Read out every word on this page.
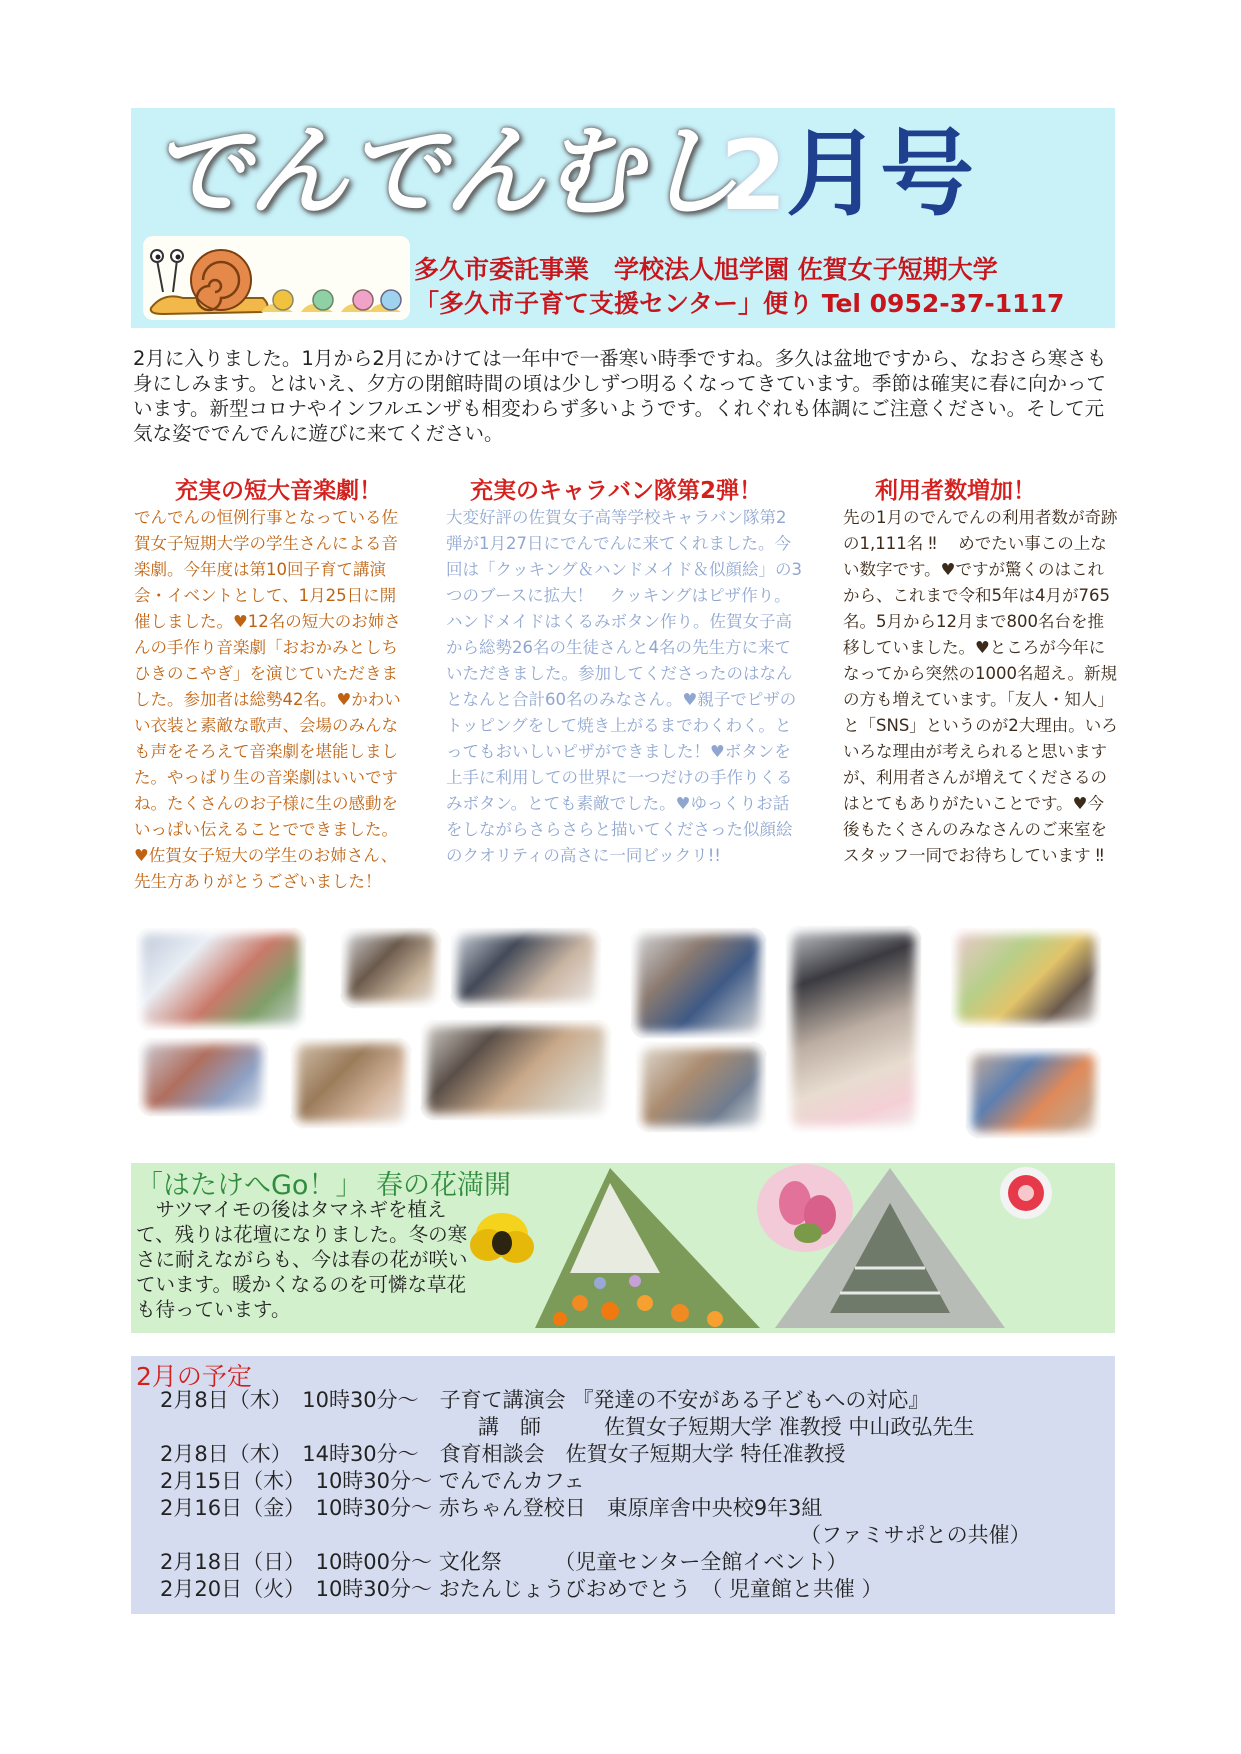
でんでんむし
2 月号
多久市委託事業　学校法人旭学園 佐賀女子短期大学
「多久市子育て支援センター」便り Tel 0952-37-1117
2月に入りました。1月から2月にかけては一年中で一番寒い時季ですね。多久は盆地ですから、なおさら寒さも身にしみます。とはいえ、夕方の閉館時間の頃は少しずつ明るくなってきています。季節は確実に春に向かっています。新型コロナやインフルエンザも相変わらず多いようです。くれぐれも体調にご注意ください。そして元気な姿ででんでんに遊びに来てください。
充実の短大音楽劇！
でんでんの恒例行事となっている佐賀女子短期大学の学生さんによる音楽劇。今年度は第10回子育て講演会・イベントとして、1月25日に開催しました。♥12名の短大のお姉さんの手作り音楽劇「おおかみとしちひきのこやぎ」を演じていただきました。参加者は総勢42名。♥かわいい衣装と素敵な歌声、会場のみんなも声をそろえて音楽劇を堪能しました。やっぱり生の音楽劇はいいですね。たくさんのお子様に生の感動をいっぱい伝えることでできました。♥佐賀女子短大の学生のお姉さん、先生方ありがとうございました！
充実のキャラバン隊第2弾！
大変好評の佐賀女子高等学校キャラバン隊第2弾が1月27日にでんでんに来てくれました。今回は「クッキング＆ハンドメイド＆似顔絵」の3つのブースに拡大！　クッキングはピザ作り。ハンドメイドはくるみボタン作り。佐賀女子高から総勢26名の生徒さんと4名の先生方に来ていただきました。参加してくださったのはなんとなんと合計60名のみなさん。♥親子でピザのトッピングをして焼き上がるまでわくわく。とってもおいしいピザができました！♥ボタンを上手に利用しての世界に一つだけの手作りくるみボタン。とても素敵でした。♥ゆっくりお話をしながらさらさらと描いてくださった似顔絵のクオリティの高さに一同ビックリ!!
利用者数増加！
先の1月のでんでんの利用者数が奇跡の1,111名 ‼　 めでたい事この上ない数字です。♥ですが驚くのはこれから、これまで令和5年は4月が765名。5月から12月まで800名台を推移していました。♥ところが今年になってから突然の1000名超え。新規の方も増えています。「友人・知人」と「SNS」というのが2大理由。いろいろな理由が考えられると思いますが、利用者さんが増えてくださるのはとてもありがたいことです。♥今後もたくさんのみなさんのご来室をスタッフ一同でお待ちしています ‼
「はたけへGo！」　春の花満開
　サツマイモの後はタマネギを植えて、残りは花壇になりました。冬の寒さに耐えながらも、今は春の花が咲いています。暖かくなるのを可憐な草花も待っています。
2月の予定
2月8日（木）　10時30分～　子育て講演会 『発達の不安がある子どもへの対応』
講　師　　　佐賀女子短期大学 准教授 中山政弘先生
2月8日（木）　14時30分～　食育相談会　佐賀女子短期大学 特任准教授
2月15日（木）　10時30分～ でんでんカフェ
2月16日（金）　10時30分～ 赤ちゃん登校日　東原庠舎中央校9年3組
（ファミサポとの共催）
2月18日（日）　10時00分～ 文化祭　　　（児童センター全館イベント）
2月20日（火）　10時30分～ おたんじょうびおめでとう　（ 児童館と共催 ）
